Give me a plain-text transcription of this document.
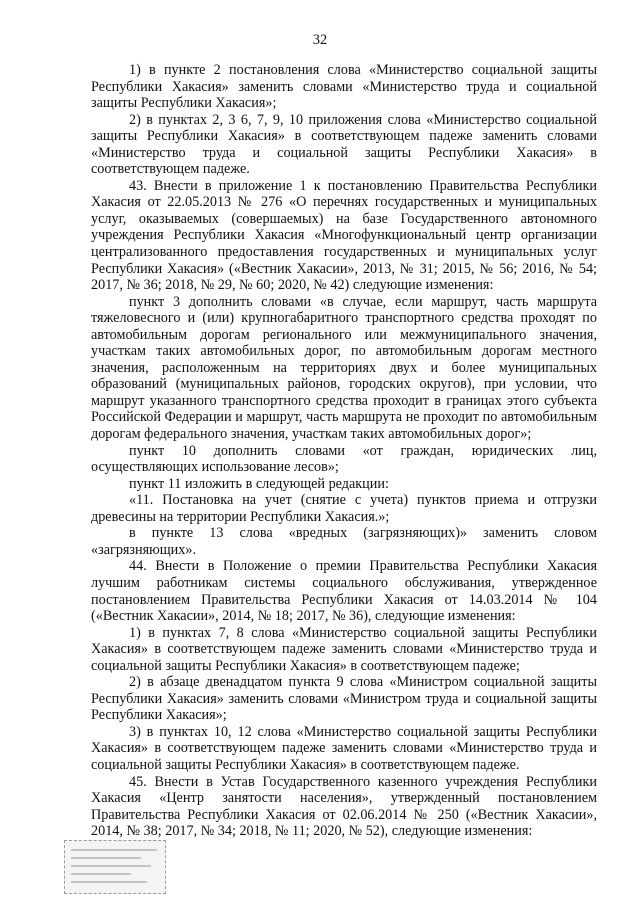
32

1) в пункте 2 постановления слова «Министерство социальной защиты Республики Хакасия» заменить словами «Министерство труда и социальной защиты Республики Хакасия»;

2) в пунктах 2, 3 6, 7, 9, 10 приложения слова «Министерство социальной защиты Республики Хакасия» в соответствующем падеже заменить словами «Министерство труда и социальной защиты Республики Хакасия» в соответствующем падеже.

43. Внести в приложение 1 к постановлению Правительства Республики Хакасия от 22.05.2013 № 276 «О перечнях государственных и муниципальных услуг, оказываемых (совершаемых) на базе Государственного автономного учреждения Республики Хакасия «Многофункциональный центр организации централизованного предоставления государственных и муниципальных услуг Республики Хакасия» («Вестник Хакасии», 2013, № 31; 2015, № 56; 2016, № 54; 2017, № 36; 2018, № 29, № 60; 2020, № 42) следующие изменения:

пункт 3 дополнить словами «в случае, если маршрут, часть маршрута тяжеловесного и (или) крупногабаритного транспортного средства проходят по автомобильным дорогам регионального или межмуниципального значения, участкам таких автомобильных дорог, по автомобильным дорогам местного значения, расположенным на территориях двух и более муниципальных образований (муниципальных районов, городских округов), при условии, что маршрут указанного транспортного средства проходит в границах этого субъекта Российской Федерации и маршрут, часть маршрута не проходит по автомобильным дорогам федерального значения, участкам таких автомобильных дорог»;

пункт 10 дополнить словами «от граждан, юридических лиц, осуществляющих использование лесов»;

пункт 11 изложить в следующей редакции:

«11. Постановка на учет (снятие с учета) пунктов приема и отгрузки древесины на территории Республики Хакасия.»;

в пункте 13 слова «вредных (загрязняющих)» заменить словом «загрязняющих».

44. Внести в Положение о премии Правительства Республики Хакасия лучшим работникам системы социального обслуживания, утвержденное постановлением Правительства Республики Хакасия от 14.03.2014 № 104 («Вестник Хакасии», 2014, № 18; 2017, № 36), следующие изменения:

1) в пунктах 7, 8 слова «Министерство социальной защиты Республики Хакасия» в соответствующем падеже заменить словами «Министерство труда и социальной защиты Республики Хакасия» в соответствующем падеже;

2) в абзаце двенадцатом пункта 9 слова «Министром социальной защиты Республики Хакасия» заменить словами «Министром труда и социальной защиты Республики Хакасия»;

3) в пунктах 10, 12 слова «Министерство социальной защиты Республики Хакасия» в соответствующем падеже заменить словами «Министерство труда и социальной защиты Республики Хакасия» в соответствующем падеже.

45. Внести в Устав Государственного казенного учреждения Республики Хакасия «Центр занятости населения», утвержденный постановлением Правительства Республики Хакасия от 02.06.2014 № 250 («Вестник Хакасии», 2014, № 38; 2017, № 34; 2018, № 11; 2020, № 52), следующие изменения:
